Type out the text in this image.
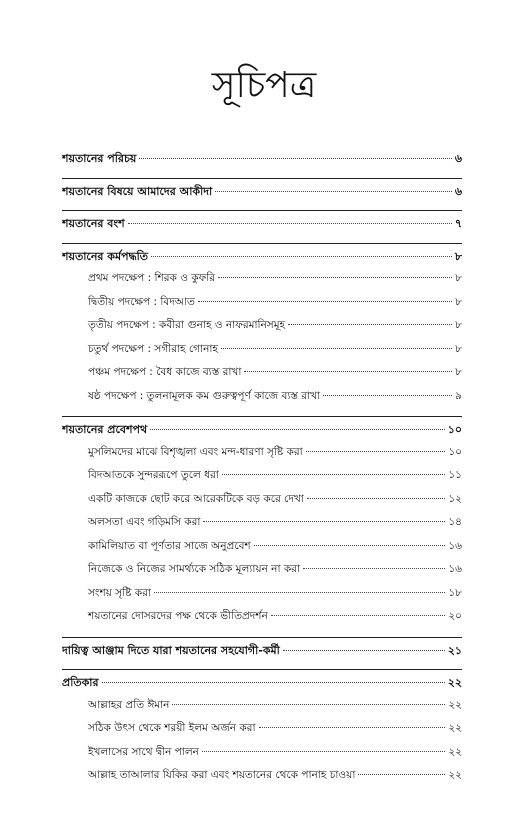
সূচিপত্র
শয়তানের পরিচয়	৬
শয়তানের বিষয়ে আমাদের আকীদা	৬
শয়তানের বংশ	৭
শয়তানের কর্মপদ্ধতি	৮
প্রথম পদক্ষেপ : শিরক ও কুফরি	৮
দ্বিতীয় পদক্ষেপ : বিদআত	৮
তৃতীয় পদক্ষেপ : কবীরা গুনাহ ও নাফরমানিসমূহ	৮
চতুর্থ পদক্ষেপ : সগীরাহ গোনাহ	৮
পঞ্চম পদক্ষেপ : বৈধ কাজে ব্যস্ত রাখা	৮
ষষ্ঠ পদক্ষেপ : তুলনামূলক কম গুরুত্বপূর্ণ কাজে ব্যস্ত রাখা	৯
শয়তানের প্রবেশপথ	১০
মুসলিমদের মাঝে বিশৃঙ্খলা এবং মন্দ-ধারণা সৃষ্টি করা	১০
বিদআতকে সুন্দররূপে তুলে ধরা	১১
একটি কাজকে ছোট করে আরেকটিকে বড় করে দেখা	১২
অলসতা এবং গড়িমসি করা	১৪
কামিলিয়াত বা পূর্ণতার সাজে অনুপ্রবেশ	১৬
নিজেকে ও নিজের সামর্থ্যকে সঠিক মূল্যায়ন না করা	১৬
সংশয় সৃষ্টি করা	১৮
শয়তানের দোসরদের পক্ষ থেকে ভীতিপ্রদর্শন	২০
দায়িত্ব আঞ্জাম দিতে যারা শয়তানের সহযোগী-কর্মী	২১
প্রতিকার	২২
আল্লাহর প্রতি ঈমান	২২
সঠিক উৎস থেকে শরয়ী ইলম অর্জন করা	২২
ইখলাসের সাথে দ্বীন পালন	২২
আল্লাহ তাআলার যিকির করা এবং শয়তানের থেকে পানাহ চাওয়া	২২
